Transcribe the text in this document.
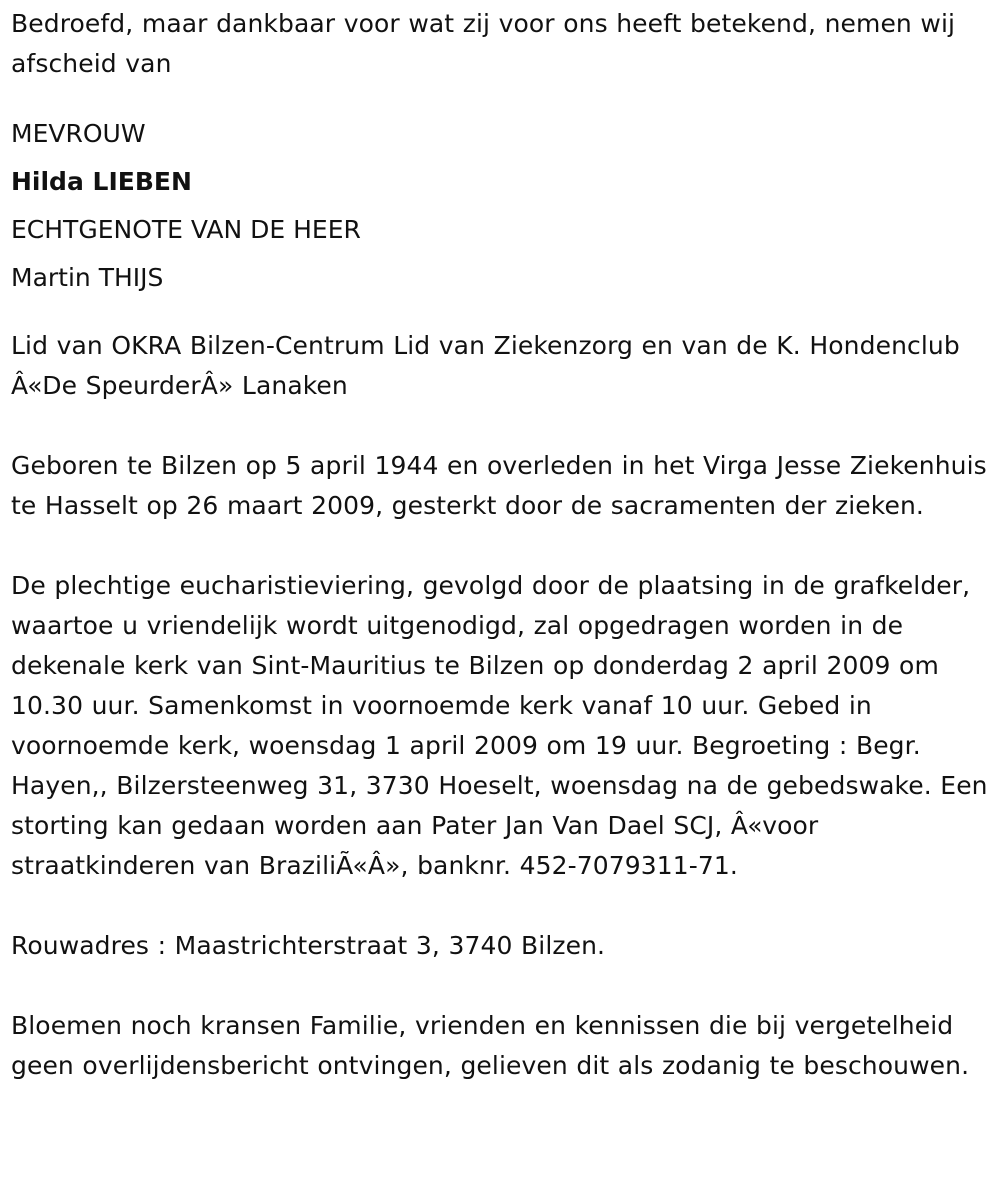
Bedroefd, maar dankbaar voor wat zij voor ons heeft betekend, nemen wij afscheid van

MEVROUW

Hilda LIEBEN

ECHTGENOTE VAN DE HEER

Martin THIJS

Lid van OKRA Bilzen-Centrum Lid van Ziekenzorg en van de K. Hondenclub Â«De SpeurderÂ» Lanaken

Geboren te Bilzen op 5 april 1944 en overleden in het Virga Jesse Ziekenhuis te Hasselt op 26 maart 2009, gesterkt door de sacramenten der zieken.

De plechtige eucharistieviering, gevolgd door de plaatsing in de grafkelder, waartoe u vriendelijk wordt uitgenodigd, zal opgedragen worden in de dekenale kerk van Sint-Mauritius te Bilzen op donderdag 2 april 2009 om 10.30 uur. Samenkomst in voornoemde kerk vanaf 10 uur. Gebed in voornoemde kerk, woensdag 1 april 2009 om 19 uur. Begroeting : Begr. Hayen,, Bilzersteenweg 31, 3730 Hoeselt, woensdag na de gebedswake. Een storting kan gedaan worden aan Pater Jan Van Dael SCJ, Â«voor straatkinderen van BraziliÃ«Â», banknr. 452-7079311-71.

Rouwadres : Maastrichterstraat 3, 3740 Bilzen.

Bloemen noch kransen Familie, vrienden en kennissen die bij vergetelheid geen overlijdensbericht ontvingen, gelieven dit als zodanig te beschouwen.
